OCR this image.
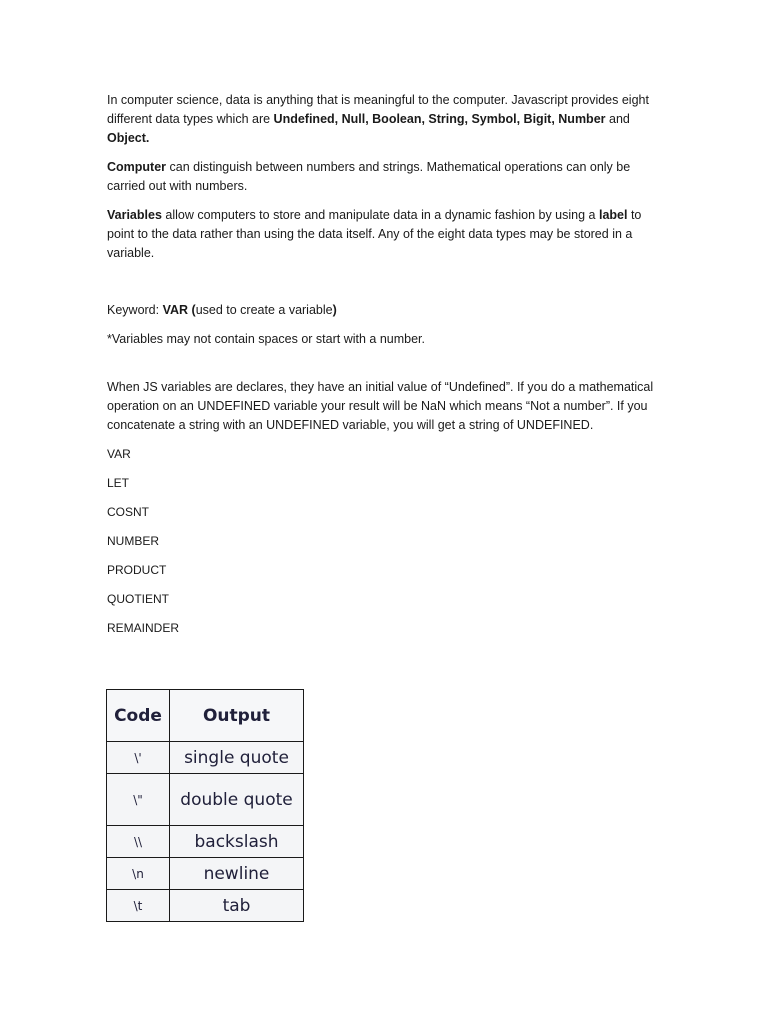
In computer science, data is anything that is meaningful to the computer. Javascript provides eight different data types which are Undefined, Null, Boolean, String, Symbol, Bigit, Number and Object.

Computer can distinguish between numbers and strings. Mathematical operations can only be carried out with numbers.

Variables allow computers to store and manipulate data in a dynamic fashion by using a label to point to the data rather than using the data itself. Any of the eight data types may be stored in a variable.

Keyword: VAR (used to create a variable)

*Variables may not contain spaces or start with a number.

When JS variables are declares, they have an initial value of “Undefined”. If you do a mathematical operation on an UNDEFINED variable your result will be NaN which means “Not a number”. If you concatenate a string with an UNDEFINED variable, you will get a string of UNDEFINED.

VAR
LET
COSNT
NUMBER
PRODUCT
QUOTIENT
REMAINDER
Code	Output
\'	single quote
\"	double quote
\\	backslash
\n	newline
\t	tab
